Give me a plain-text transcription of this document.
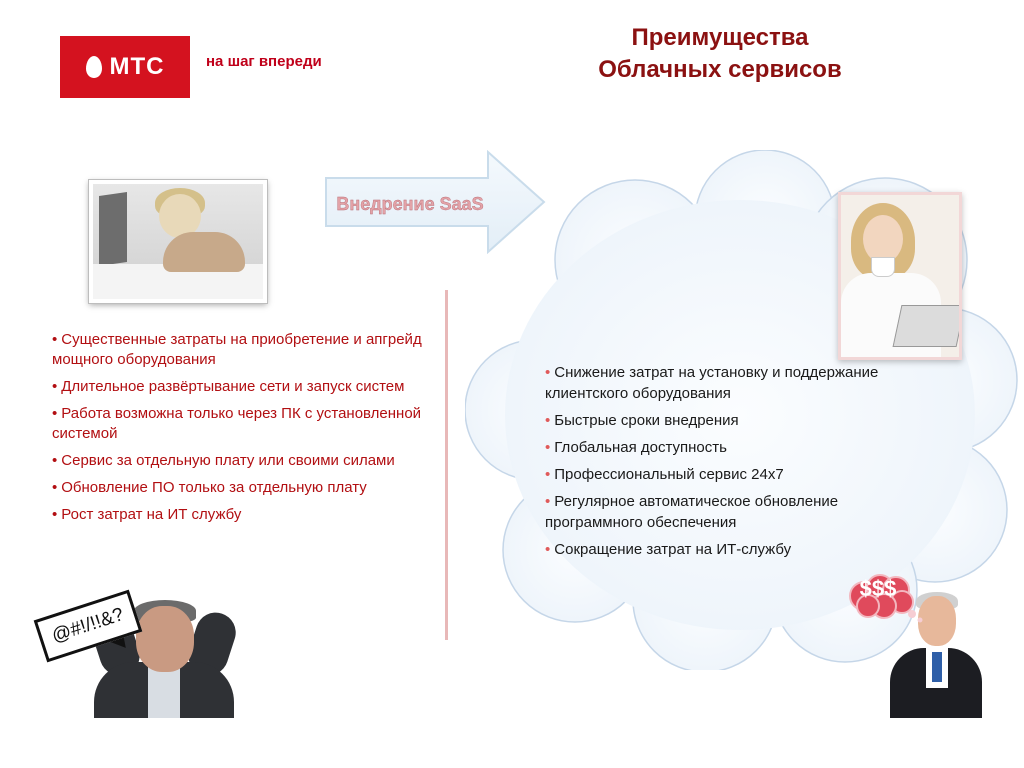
МТС	на шаг впереди
Преимущества
Облачных сервисов
Внедрение SaaS
• Существенные затраты на приобретение и апгрейд мощного оборудования
• Длительное развёртывание сети и запуск систем
• Работа возможна только через ПК с установленной системой
• Сервис за отдельную плату или своими силами
• Обновление ПО только за отдельную плату
• Рост затрат на ИТ службу
• Снижение затрат на установку и поддержание клиентского оборудования
• Быстрые сроки внедрения
• Глобальная доступность
• Профессиональный сервис 24х7
• Регулярное автоматическое обновление программного обеспечения
• Сокращение затрат на ИТ-службу
@#!/!!&?
$$$
